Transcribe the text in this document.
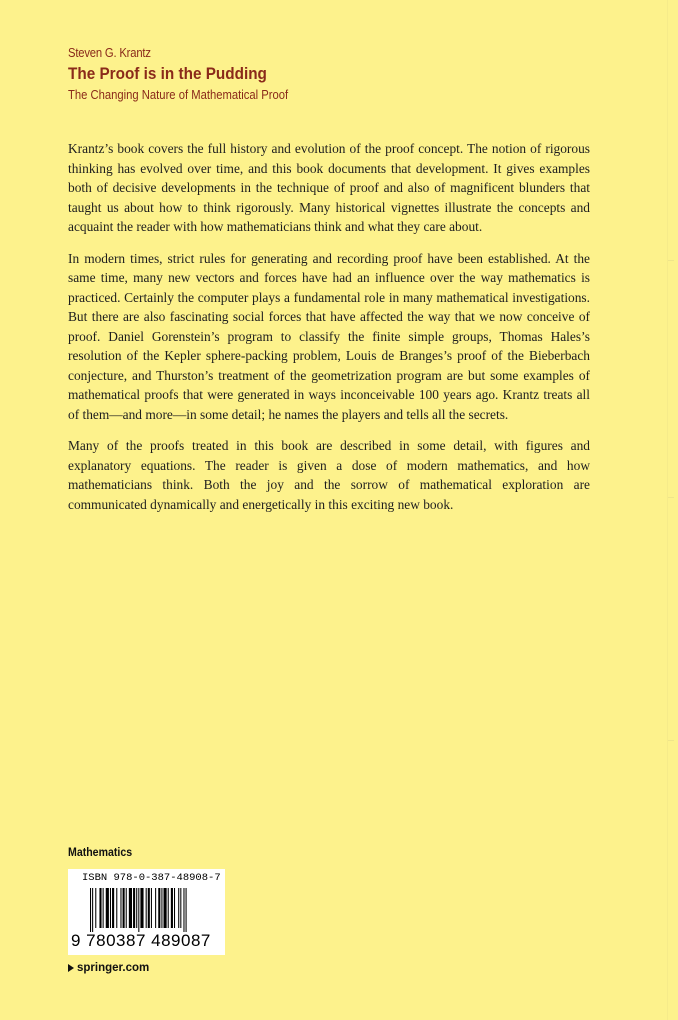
Steven G. Krantz
The Proof is in the Pudding
The Changing Nature of Mathematical Proof

Krantz’s book covers the full history and evolution of the proof concept. The notion of rigorous thinking has evolved over time, and this book documents that development. It gives examples both of decisive developments in the technique of proof and also of magnificent blunders that taught us about how to think rigorously. Many historical vignettes illustrate the concepts and acquaint the reader with how mathematicians think and what they care about.

In modern times, strict rules for generating and recording proof have been established. At the same time, many new vectors and forces have had an influence over the way mathematics is practiced. Certainly the computer plays a fundamental role in many mathematical investigations. But there are also fascinating social forces that have affected the way that we now conceive of proof. Daniel Gorenstein’s program to classify the finite simple groups, Thomas Hales’s resolution of the Kepler sphere-packing problem, Louis de Branges’s proof of the Bieberbach conjecture, and Thurston’s treatment of the geometrization program are but some examples of mathematical proofs that were generated in ways inconceivable 100 years ago. Krantz treats all of them—and more—in some detail; he names the players and tells all the secrets.

Many of the proofs treated in this book are described in some detail, with figures and explanatory equations. The reader is given a dose of modern mathematics, and how mathematicians think. Both the joy and the sorrow of mathematical exploration are communicated dynamically and energetically in this exciting new book.

Mathematics
ISBN 978-0-387-48908-7
9 780387 489087
springer.com
